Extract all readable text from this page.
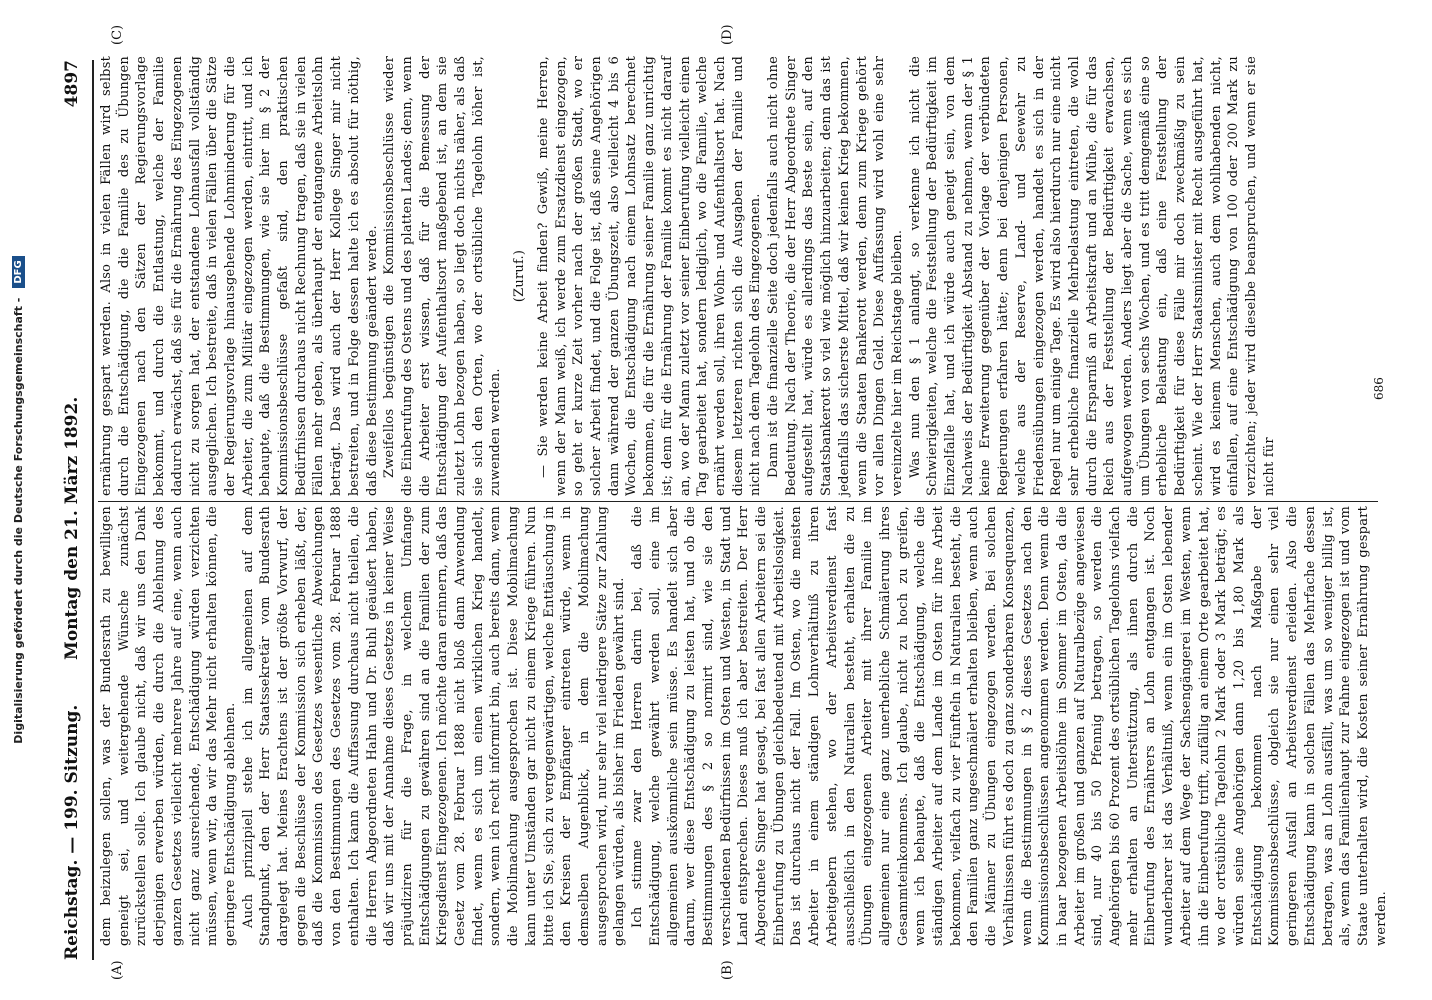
Digitalisierung gefördert durch die Deutsche Forschungsgemeinschaft -
DFG
Reichstag. — 199. Sitzung.
Montag den 21. März 1892.
4897
(A)	(B)
(C)	(D)

dem beizulegen sollen, was der Bundesrath zu bewilligen geneigt sei, und weitergehende Wünsche zunächst zurückstellen solle. Ich glaube nicht, daß wir uns den Dank derjenigen erwerben würden, die durch die Ablehnung des ganzen Gesetzes vielleicht mehrere Jahre auf eine, wenn auch nicht ganz ausreichende, Entschädigung würden verzichten müssen, wenn wir, da wir das Mehr nicht erhalten können, die geringere Entschädigung ablehnen. Auch prinzipiell stehe ich im allgemeinen auf dem Standpunkt, den der Herr Staatssekretär vom Bundesrath dargelegt hat. Meines Erachtens ist der größte Vorwurf, der gegen die Beschlüsse der Kommission sich erheben läßt, der, daß die Kommission des Gesetzes wesentliche Abweichungen von den Bestimmungen des Gesetzes vom 28. Februar 1888 enthalten. Ich kann die Auffassung durchaus nicht theilen, die die Herren Abgeordneten Hahn und Dr. Buhl geäußert haben, daß wir uns mit der Annahme dieses Gesetzes in keiner Weise präjudiziren für die Frage, in welchem Umfange Entschädigungen zu gewähren sind an die Familien der zum Kriegsdienst Eingezogenen. Ich möchte daran erinnern, daß das Gesetz vom 28. Februar 1888 nicht bloß dann Anwendung findet, wenn es sich um einen wirklichen Krieg handelt, sondern, wenn ich recht informirt bin, auch bereits dann, wenn die Mobilmachung ausgesprochen ist. Diese Mobilmachung kann unter Umständen gar nicht zu einem Kriege führen. Nun bitte ich Sie, sich zu vergegenwärtigen, welche Enttäuschung in den Kreisen der Empfänger eintreten würde, wenn in demselben Augenblick, in dem die Mobilmachung ausgesprochen wird, nur sehr viel niedrigere Sätze zur Zahlung gelangen würden, als bisher im Frieden gewährt sind. Ich stimme zwar den Herren darin bei, daß die Entschädigung, welche gewährt werden soll, eine im allgemeinen auskömmliche sein müsse. Es handelt sich aber darum, wer diese Entschädigung zu leisten hat, und ob die Bestimmungen des § 2 so normirt sind, wie sie den verschiedenen Bedürfnissen im Osten und Westen, in Stadt und Land entsprechen. Dieses muß ich aber bestreiten. Der Herr Abgeordnete Singer hat gesagt, bei fast allen Arbeitern sei die Einberufung zu Übungen gleichbedeutend mit Arbeitslosigkeit. Das ist durchaus nicht der Fall. Im Osten, wo die meisten Arbeiter in einem ständigen Lohnverhältniß zu ihren Arbeitgebern stehen, wo der Arbeitsverdienst fast ausschließlich in den Naturalien besteht, erhalten die zu Übungen eingezogenen Arbeiter mit ihrer Familie im allgemeinen nur eine ganz unerhebliche Schmälerung ihres Gesammteinkommens. Ich glaube, nicht zu hoch zu greifen, wenn ich behaupte, daß die Entschädigung, welche die ständigen Arbeiter auf dem Lande im Osten für ihre Arbeit bekommen, vielfach zu vier Fünfteln in Naturalien besteht, die den Familien ganz ungeschmälert erhalten bleiben, wenn auch die Männer zu Übungen eingezogen werden. Bei solchen Verhältnissen führt es doch zu ganz sonderbaren Konsequenzen, wenn die Bestimmungen in § 2 dieses Gesetzes nach den Kommissionsbeschlüssen angenommen werden. Denn wenn die in baar bezogenen Arbeitslöhne im Sommer im Osten, da die Arbeiter im großen und ganzen auf Naturalbezüge angewiesen sind, nur 40 bis 50 Pfennig betragen, so werden die Angehörigen bis 60 Prozent des ortsüblichen Tagelohns vielfach mehr erhalten an Unterstützung, als ihnen durch die Einberufung des Ernährers an Lohn entgangen ist. Noch wunderbarer ist das Verhältniß, wenn ein im Osten lebender Arbeiter auf dem Wege der Sachsengängerei im Westen, wenn ihn die Einberufung trifft, zufällig an einem Orte gearbeitet hat, wo der ortsübliche Tagelohn 2 Mark oder 3 Mark beträgt; es würden seine Angehörigen dann 1,20 bis 1,80 Mark als Entschädigung bekommen nach Maßgabe der Kommissionsbeschlüsse, obgleich sie nur einen sehr viel geringeren Ausfall an Arbeitsverdienst erleiden. Also die Entschädigung kann in solchen Fällen das Mehrfache dessen betragen, was an Lohn ausfällt, was um so weniger billig ist, als, wenn das Familienhaupt zur Fahne eingezogen ist und vom Staate unterhalten wird, die Kosten seiner Ernährung gespart werden.

ernährung gespart werden. Also in vielen Fällen wird selbst durch die Entschädigung, die die Familie des zu Übungen Eingezogenen nach den Sätzen der Regierungsvorlage bekommt, und durch die Entlastung, welche der Familie dadurch erwächst, daß sie für die Ernährung des Eingezogenen nicht zu sorgen hat, der entstandene Lohnausfall vollständig ausgeglichen. Ich bestreite, daß in vielen Fällen über die Sätze der Regierungsvorlage hinausgehende Lohnminderung für die Arbeiter, die zum Militär eingezogen werden, eintritt, und ich behaupte, daß die Bestimmungen, wie sie hier im § 2 der Kommissionsbeschlüsse gefaßt sind, den praktischen Bedürfnissen durchaus nicht Rechnung tragen, daß sie in vielen Fällen mehr geben, als überhaupt der entgangene Arbeitslohn beträgt. Das wird auch der Herr Kollege Singer mir nicht bestreiten, und in Folge dessen halte ich es absolut für nöthig, daß diese Bestimmung geändert werde. Zweifellos begünstigen die Kommissionsbeschlüsse wieder die Einberufung des Ostens und des platten Landes; denn, wenn die Arbeiter erst wissen, daß für die Bemessung der Entschädigung der Aufenthaltsort maßgebend ist, an dem sie zuletzt Lohn bezogen haben, so liegt doch nichts näher, als daß sie sich den Orten, wo der ortsübliche Tagelohn höher ist, zuwenden werden.

(Zuruf.) — Sie werden keine Arbeit finden? Gewiß, meine Herren, wenn der Mann weiß, ich werde zum Ersatzdienst eingezogen, so geht er kurze Zeit vorher nach der großen Stadt, wo er solcher Arbeit findet, und die Folge ist, daß seine Angehörigen dann während der ganzen Übungszeit, also vielleicht 4 bis 6 Wochen, die Entschädigung nach einem Lohnsatz berechnet bekommen, die für die Ernährung seiner Familie ganz unrichtig ist; denn für die Ernährung der Familie kommt es nicht darauf an, wo der Mann zuletzt vor seiner Einberufung vielleicht einen Tag gearbeitet hat, sondern lediglich, wo die Familie, welche ernährt werden soll, ihren Wohn- und Aufenthaltsort hat. Nach diesem letzteren richten sich die Ausgaben der Familie und nicht nach dem Tagelohn des Eingezogenen. Dann ist die finanzielle Seite doch jedenfalls auch nicht ohne Bedeutung. Nach der Theorie, die der Herr Abgeordnete Singer aufgestellt hat, würde es allerdings das Beste sein, auf den Staatsbankerott so viel wie möglich hinzuarbeiten; denn das ist jedenfalls das sicherste Mittel, daß wir keinen Krieg bekommen, wenn die Staaten Bankerott werden, denn zum Kriege gehört vor allen Dingen Geld. Diese Auffassung wird wohl eine sehr vereinzelte hier im Reichstage bleiben. Was nun den § 1 anlangt, so verkenne ich nicht die Schwierigkeiten, welche die Feststellung der Bedürftigkeit im Einzelfalle hat, und ich würde auch geneigt sein, von dem Nachweis der Bedürftigkeit Abstand zu nehmen, wenn der § 1 keine Erweiterung gegenüber der Vorlage der verbündeten Regierungen erfahren hätte; denn bei denjenigen Personen, welche aus der Reserve, Land- und Seewehr zu Friedensübungen eingezogen werden, handelt es sich in der Regel nur um einige Tage. Es wird also hierdurch nur eine nicht sehr erhebliche finanzielle Mehrbelastung eintreten, die wohl durch die Ersparniß an Arbeitskraft und an Mühe, die für das Reich aus der Feststellung der Bedürftigkeit erwachsen, aufgewogen werden. Anders liegt aber die Sache, wenn es sich um Übungen von sechs Wochen, und es tritt demgemäß eine so erhebliche Belastung ein, daß eine Feststellung der Bedürftigkeit für diese Fälle mir doch zweckmäßig zu sein scheint. Wie der Herr Staatsminister mit Recht ausgeführt hat, wird es keinem Menschen, auch dem wohlhabenden nicht, einfallen, auf eine Entschädigung von 100 oder 200 Mark zu verzichten; jeder wird dieselbe beanspruchen, und wenn er sie nicht für

686
